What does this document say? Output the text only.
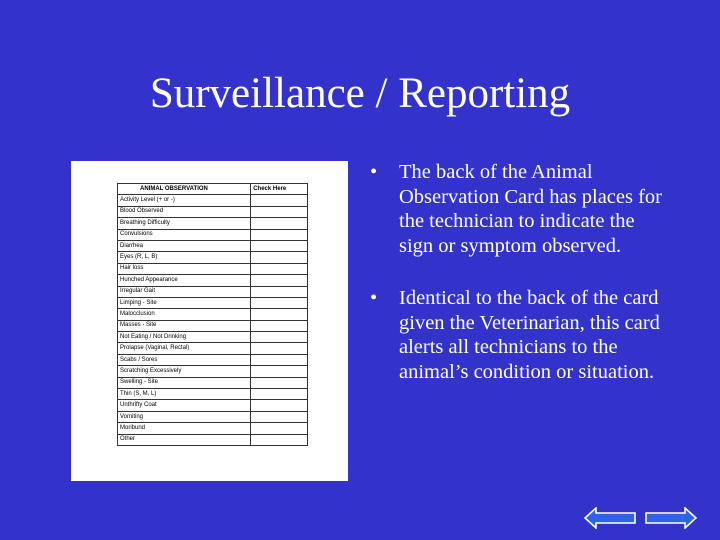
Surveillance / Reporting
ANIMAL OBSERVATION	Check Here
Activity Level (+ or -)	
Blood Observed	
Breathing Difficulty	
Convulsions	
Diarrhea	
Eyes (R, L, B)	
Hair loss	
Hunched Appearance	
Irregular Gait	
Limping - Site	
Malocclusion	
Masses - Site	
Not Eating / Not Drinking	
Prolapse (Vaginal, Rectal)	
Scabs / Sores	
Scratching Excessively	
Swelling - Site	
Thin (S, M, L)	
Unthrifty Coat	
Vomiting	
Moribund	
Other	
• The back of the Animal Observation Card has places for the technician to indicate the sign or symptom observed.
• Identical to the back of the card given the Veterinarian, this card alerts all technicians to the animal’s condition or situation.
